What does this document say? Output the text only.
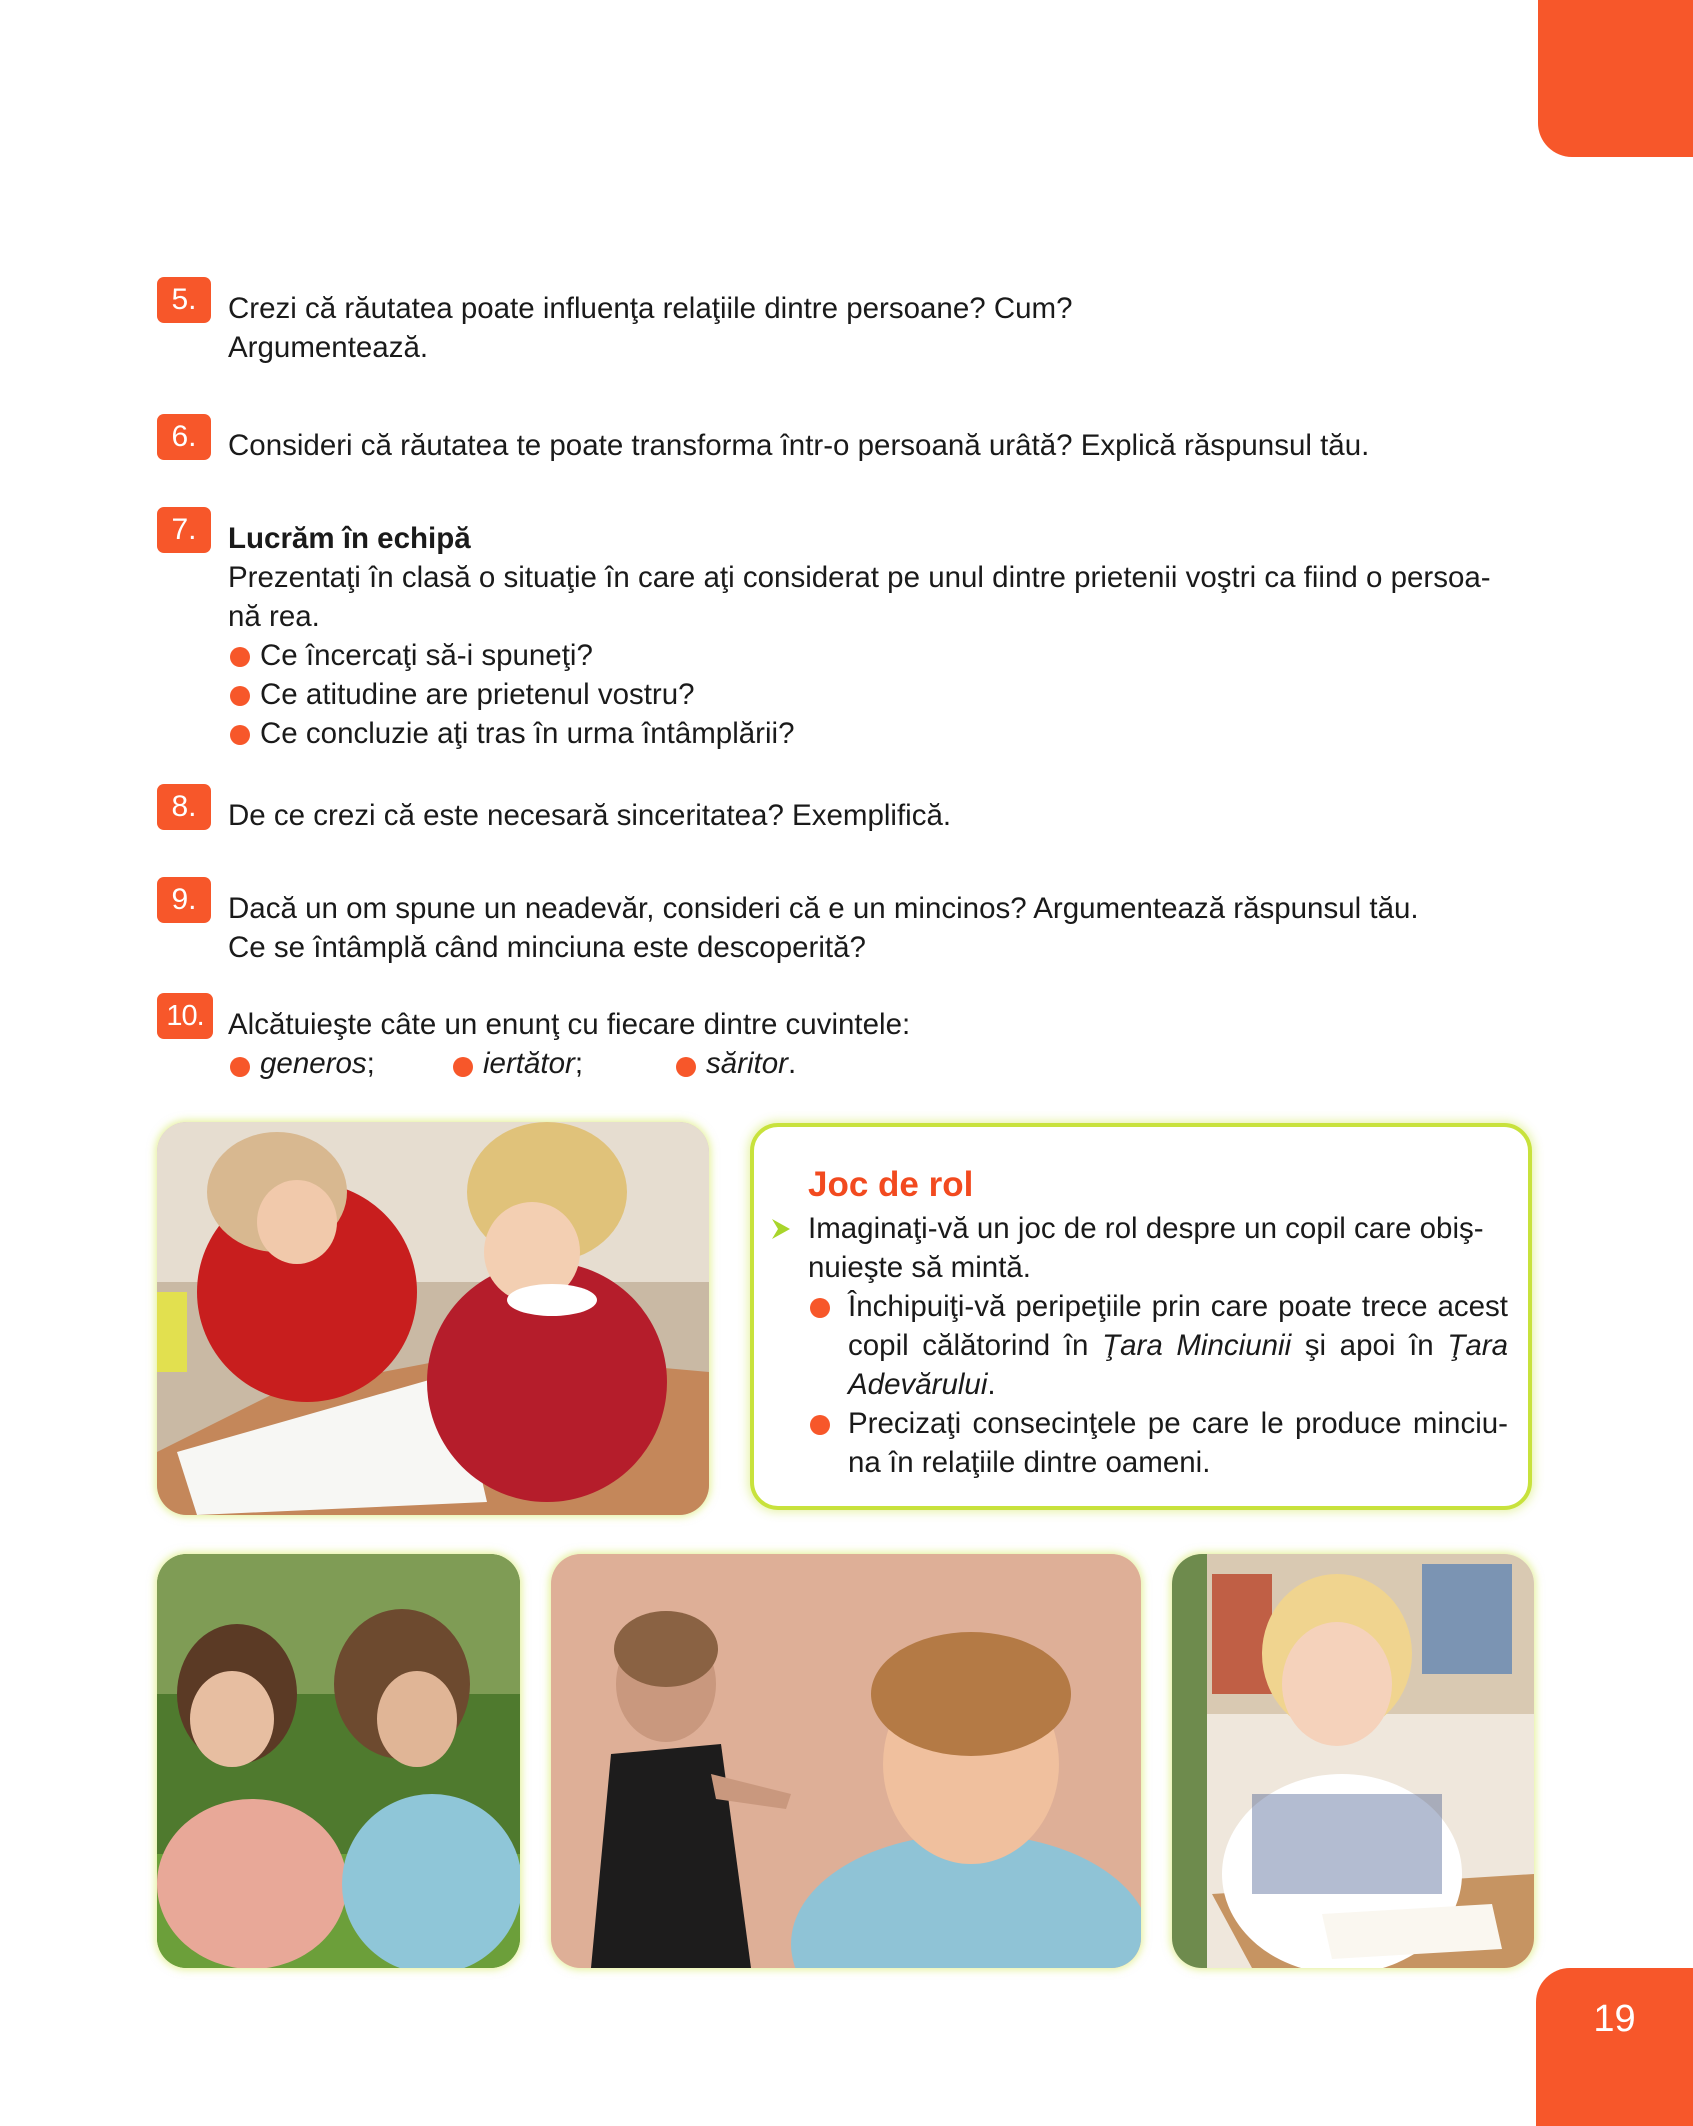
5.	Crezi că răutatea poate influenţa relaţiile dintre persoane? Cum?

Argumentează.

6.	Consideri că răutatea te poate transforma într-o persoană urâtă? Explică răspunsul tău.

7.	Lucrăm în echipă

Prezentaţi în clasă o situaţie în care aţi considerat pe unul dintre prietenii voştri ca fiind o persoa-

nă rea.

Ce încercaţi să-i spuneţi?
Ce atitudine are prietenul vostru?
Ce concluzie aţi tras în urma întâmplării?
8.	De ce crezi că este necesară sinceritatea? Exemplifică.

9.	Dacă un om spune un neadevăr, consideri că e un mincinos? Argumentează răspunsul tău.

Ce se întâmplă când minciuna este descoperită?

10. Alcătuieşte câte un enunţ cu fiecare dintre cuvintele:

generos;	iertător;	săritor.
Joc de rol

Imaginaţi-vă un joc de rol despre un copil care obiş-nuieşte să mintă.

Închipuiţi-vă peripeţiile prin care poate trece acest copil călătorind în Ţara Minciunii şi apoi în Ţara Adevărului.
Precizaţi consecinţele pe care le produce minciu-na în relaţiile dintre oameni.
19
